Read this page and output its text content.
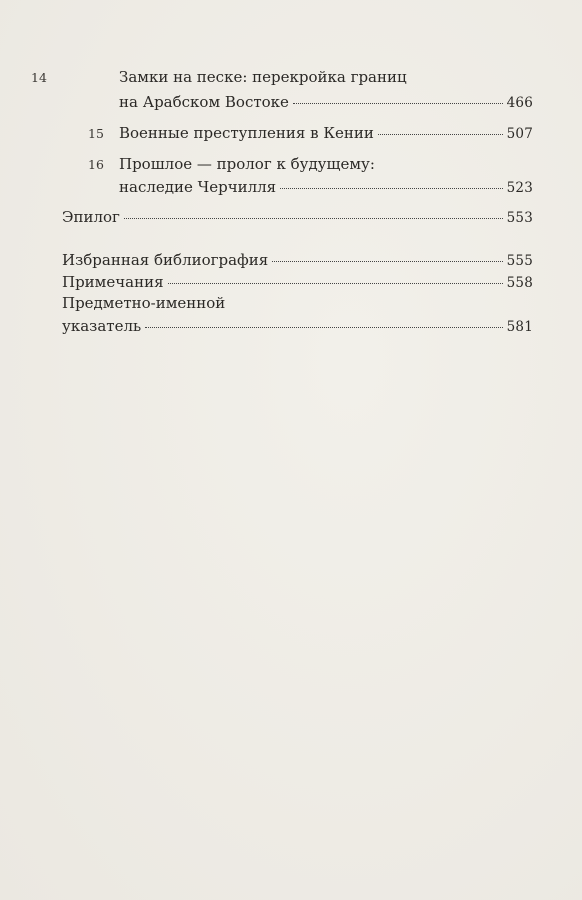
14	Замки на песке: перекройка границ
на Арабском Востоке	466
15 Военные преступления в Кении	507
16 Прошлое — пролог к будущему:
наследие Черчилля	523
Эпилог	553
Избранная библиография	555
Примечания	558
Предметно-именной
указатель	581
